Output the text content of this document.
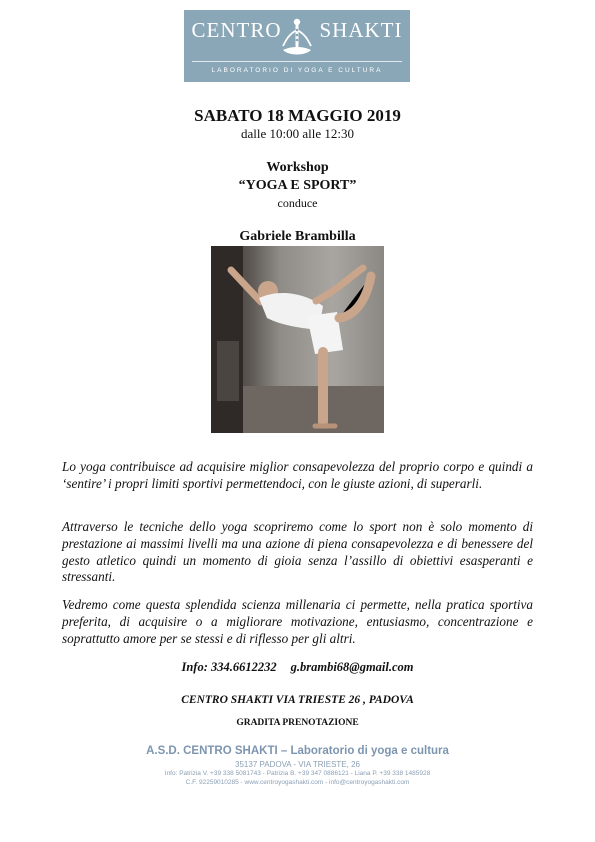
CENTRO SHAKTI
LABORATORIO DI YOGA E CULTURA
SABATO 18 MAGGIO 2019
dalle 10:00 alle 12:30
Workshop
“YOGA E SPORT”
conduce
Gabriele Brambilla

Lo yoga contribuisce ad acquisire miglior consapevolezza del proprio corpo e quindi a ‘sentire’ i propri limiti sportivi permettendoci, con le giuste azioni, di superarli.

Attraverso le tecniche dello yoga scopriremo come lo sport non è solo momento di prestazione ai massimi livelli ma una azione di piena consapevolezza e di benessere del gesto atletico quindi un momento di gioia senza l’assillo di obiettivi esasperanti e stressanti.

Vedremo come questa splendida scienza millenaria ci permette, nella pratica sportiva preferita, di acquisire o a migliorare motivazione, entusiasmo, concentrazione e soprattutto amore per se stessi e di riflesso per gli altri.

Info: 334.6612232 g.brambi68@gmail.com
CENTRO SHAKTI VIA TRIESTE 26 , PADOVA
GRADITA PRENOTAZIONE
A.S.D. CENTRO SHAKTI – Laboratorio di yoga e cultura
35137 PADOVA - VIA TRIESTE, 26
Info: Patrizia V. +39 338 5081743 - Patrizia B. +39 347 0886121 - Liana P. +39 338 1485928
C.F. 92259010285 - www.centroyogashakti.com - info@centroyogashakti.com
